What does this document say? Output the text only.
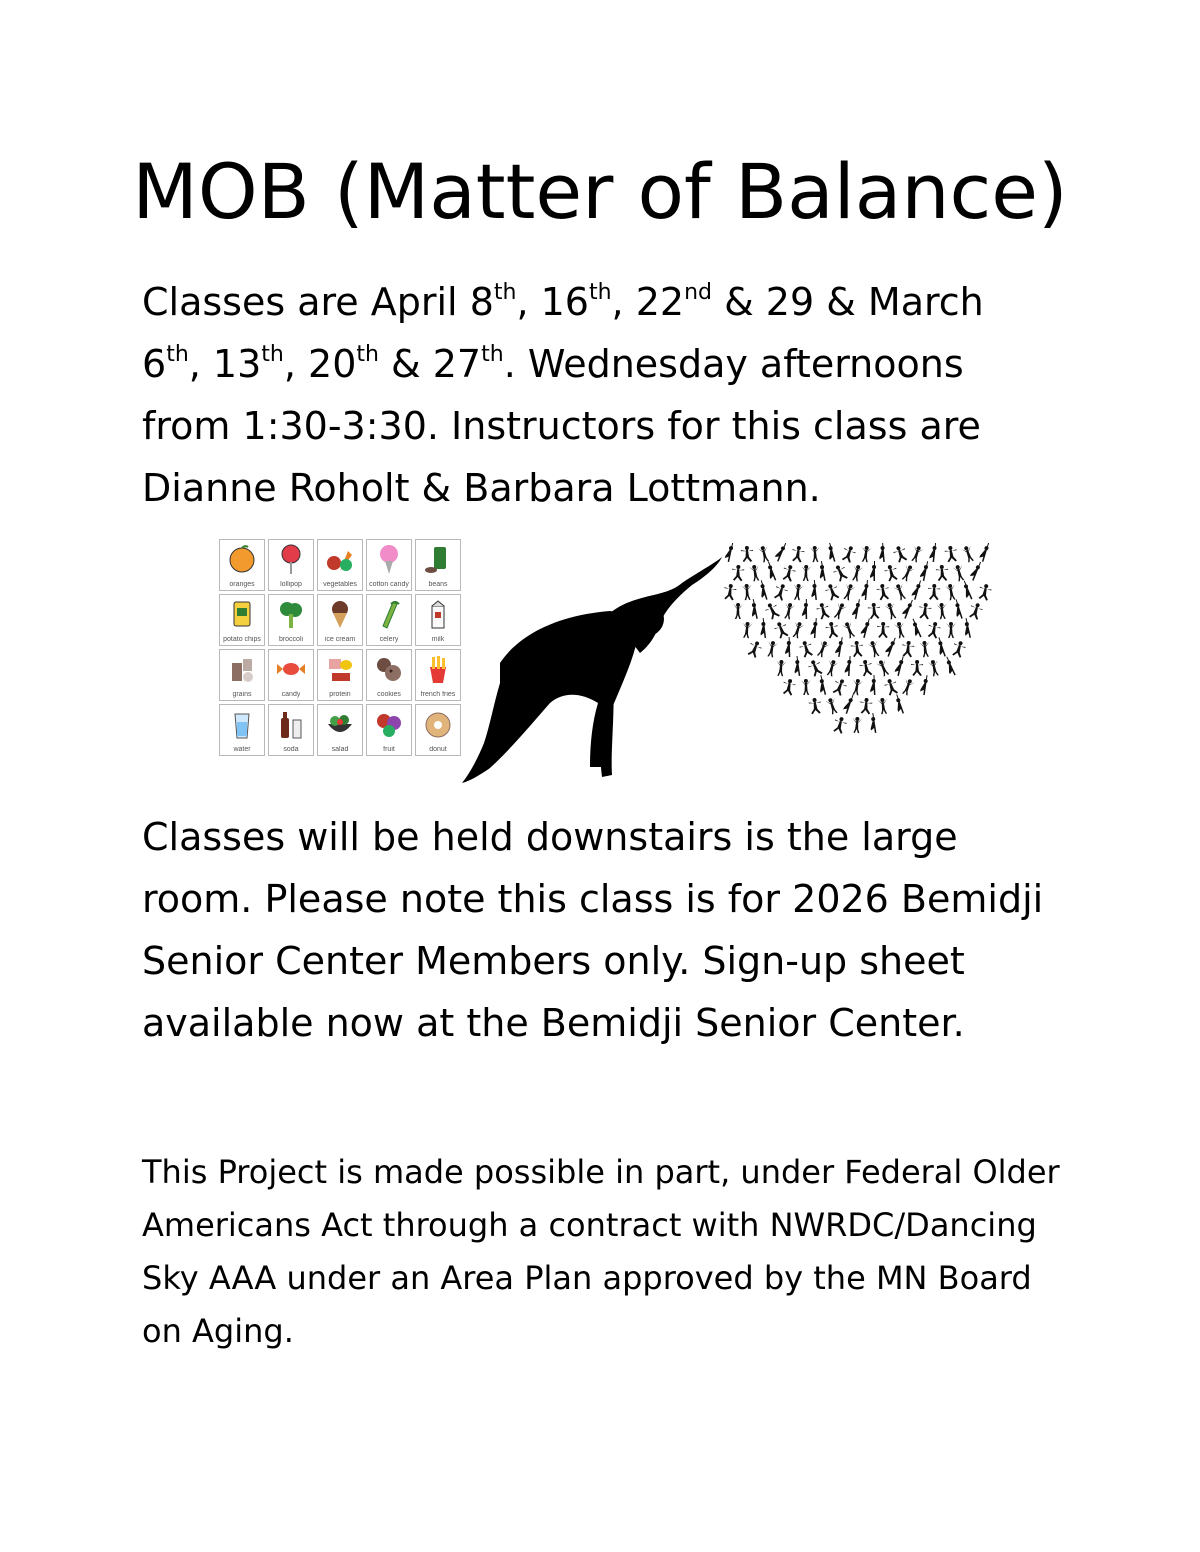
MOB (Matter of Balance)
Classes are April 8th, 16th, 22nd & 29 & March
6th, 13th, 20th & 27th. Wednesday afternoons
from 1:30-3:30. Instructors for this class are
Dianne Roholt & Barbara Lottmann.
oranges	lollipop	vegetables cotton candy	beans
potato chips	broccoli	ice cream	celery	milk
grains	candy	protein	cookies	french fries
water	soda	salad	fruit	donut
Classes will be held downstairs is the large
room. Please note this class is for 2026 Bemidji
Senior Center Members only. Sign-up sheet
available now at the Bemidji Senior Center.
This Project is made possible in part, under Federal Older
Americans Act through a contract with NWRDC/Dancing
Sky AAA under an Area Plan approved by the MN Board
on Aging.
